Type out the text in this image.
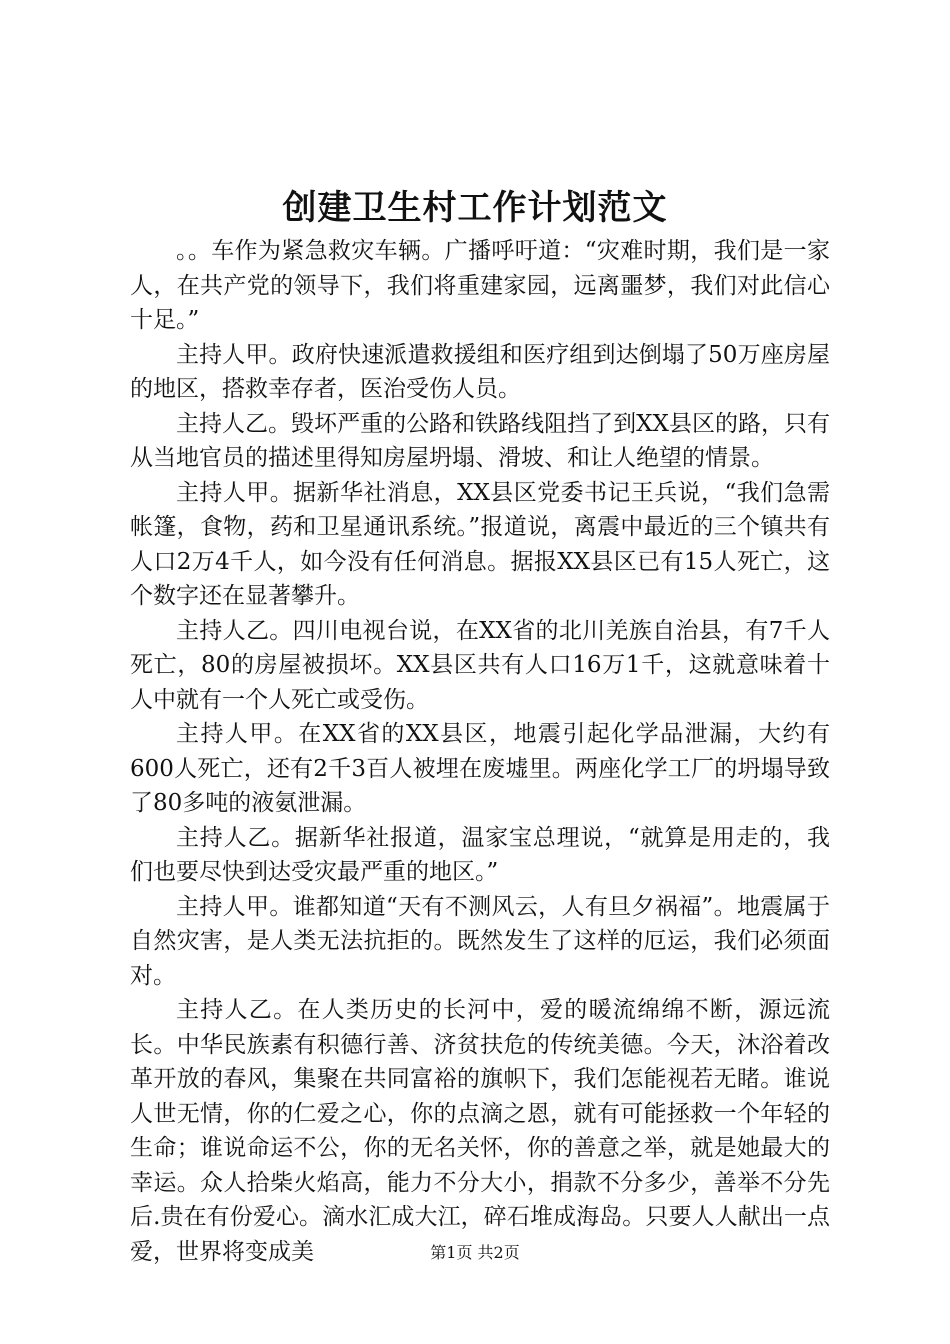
创建卫生村工作计划范文

。。车作为紧急救灾车辆。广播呼吁道：“灾难时期，我们是一家人，在共产党的领导下，我们将重建家园，远离噩梦，我们对此信心十足。”

主持人甲。政府快速派遣救援组和医疗组到达倒塌了50万座房屋的地区，搭救幸存者，医治受伤人员。

主持人乙。毁坏严重的公路和铁路线阻挡了到XX县区的路，只有从当地官员的描述里得知房屋坍塌、滑坡、和让人绝望的情景。

主持人甲。据新华社消息，XX县区党委书记王兵说，“我们急需帐篷，食物，药和卫星通讯系统。”报道说，离震中最近的三个镇共有人口2万4千人，如今没有任何消息。据报XX县区已有15人死亡，这个数字还在显著攀升。

主持人乙。四川电视台说，在XX省的北川羌族自治县，有7千人死亡，80的房屋被损坏。XX县区共有人口16万1千，这就意味着十人中就有一个人死亡或受伤。

主持人甲。在XX省的XX县区，地震引起化学品泄漏，大约有600人死亡，还有2千3百人被埋在废墟里。两座化学工厂的坍塌导致了80多吨的液氨泄漏。

主持人乙。据新华社报道，温家宝总理说，“就算是用走的，我们也要尽快到达受灾最严重的地区。”

主持人甲。谁都知道“天有不测风云，人有旦夕祸福”。地震属于自然灾害，是人类无法抗拒的。既然发生了这样的厄运，我们必须面对。

主持人乙。在人类历史的长河中，爱的暖流绵绵不断，源远流长。中华民族素有积德行善、济贫扶危的传统美德。今天，沐浴着改革开放的春风，集聚在共同富裕的旗帜下，我们怎能视若无睹。谁说人世无情，你的仁爱之心，你的点滴之恩，就有可能拯救一个年轻的生命；谁说命运不公，你的无名关怀，你的善意之举，就是她最大的幸运。众人拾柴火焰高，能力不分大小，捐款不分多少，善举不分先后.贵在有份爱心。滴水汇成大江，碎石堆成海岛。只要人人献出一点爱，世界将变成美	第1页 共2页
